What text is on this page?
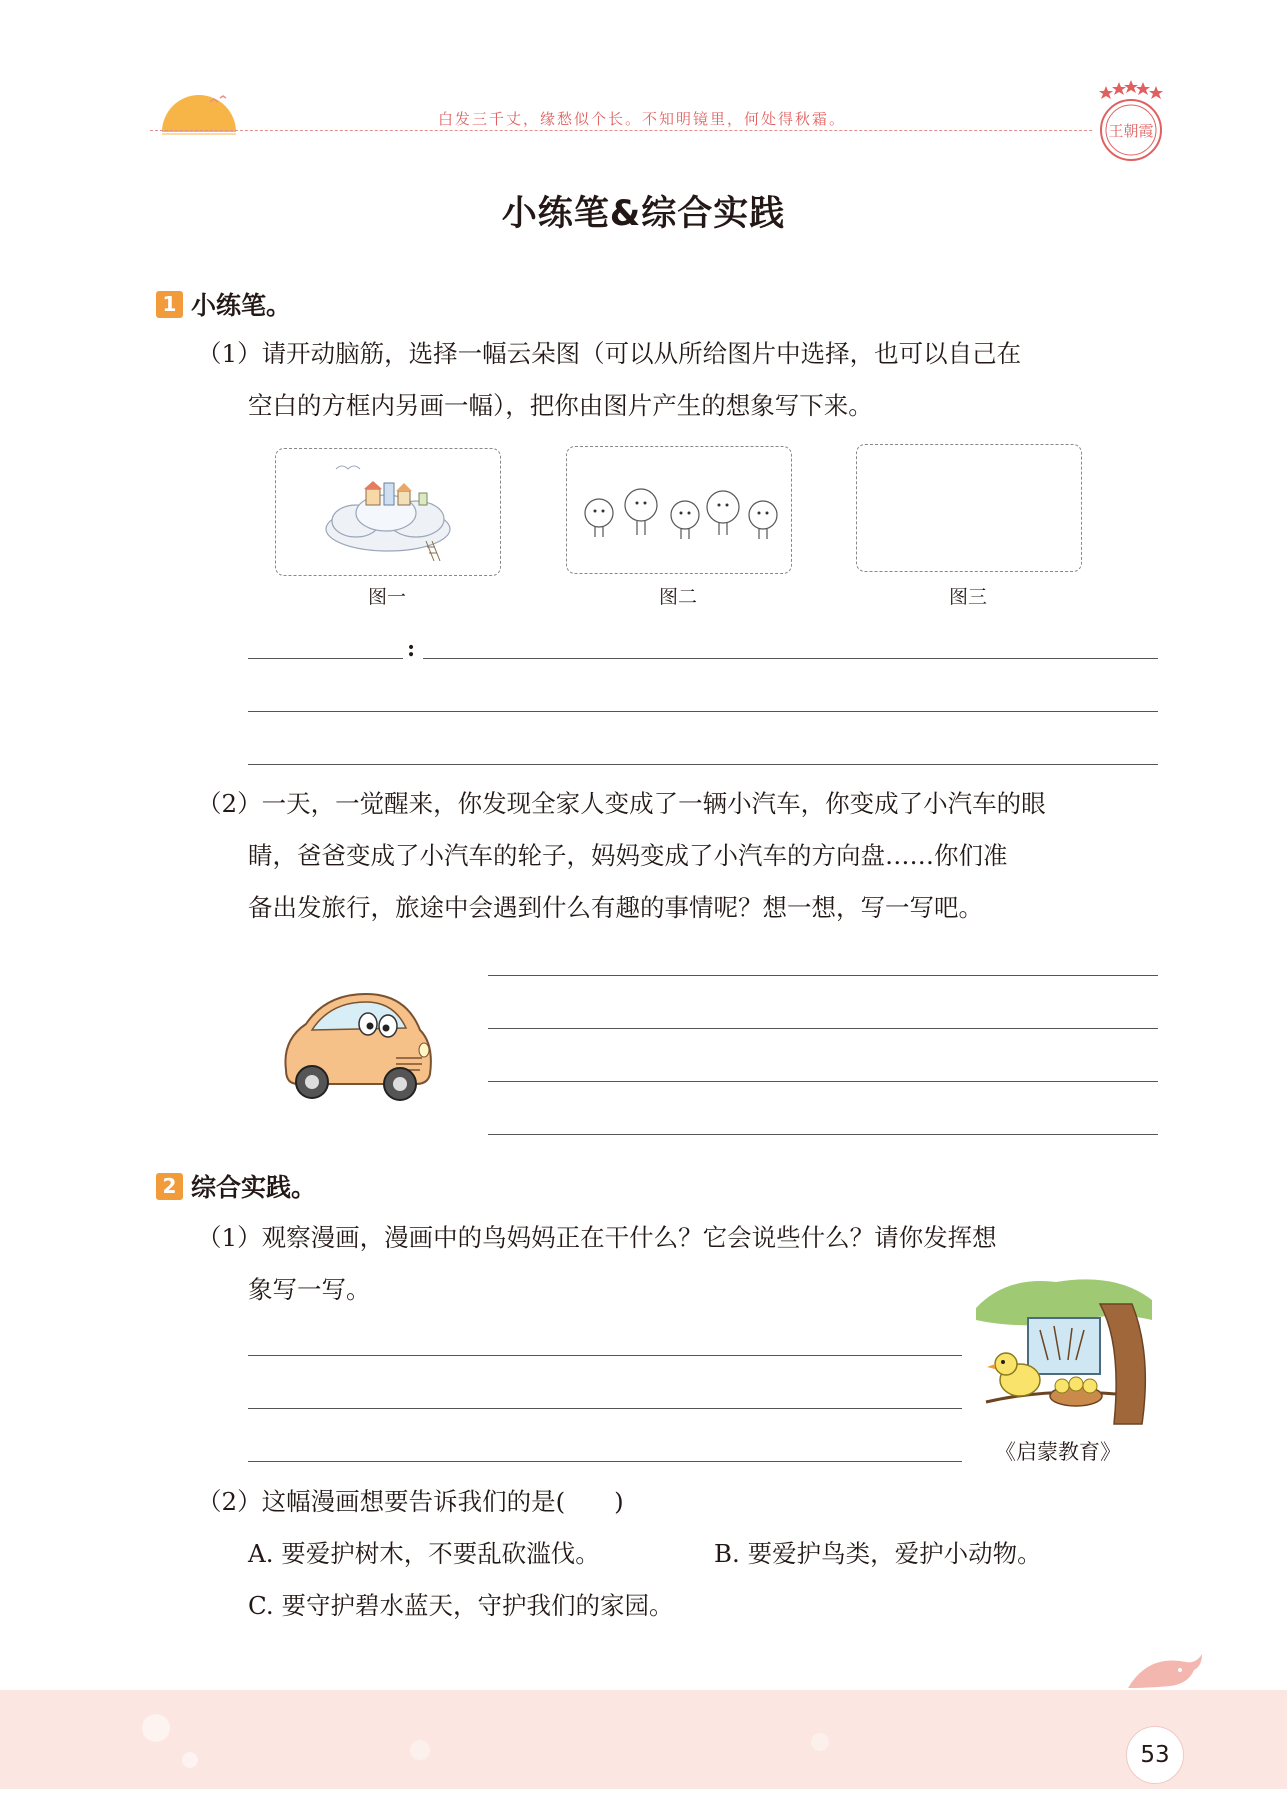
白发三千丈，缘愁似个长。不知明镜里，何处得秋霜。
王朝霞
小练笔&综合实践
1 小练笔。
（1）请开动脑筋，选择一幅云朵图（可以从所给图片中选择，也可以自己在
空白的方框内另画一幅），把你由图片产生的想象写下来。
图一	图二	图三
:
（2）一天，一觉醒来，你发现全家人变成了一辆小汽车，你变成了小汽车的眼
睛，爸爸变成了小汽车的轮子，妈妈变成了小汽车的方向盘……你们准
备出发旅行，旅途中会遇到什么有趣的事情呢？想一想，写一写吧。
2 综合实践。
（1）观察漫画，漫画中的鸟妈妈正在干什么？它会说些什么？请你发挥想
象写一写。
《启蒙教育》
（2）这幅漫画想要告诉我们的是(　　)
A. 要爱护树木，不要乱砍滥伐。	B. 要爱护鸟类，爱护小动物。
C. 要守护碧水蓝天，守护我们的家园。
53
